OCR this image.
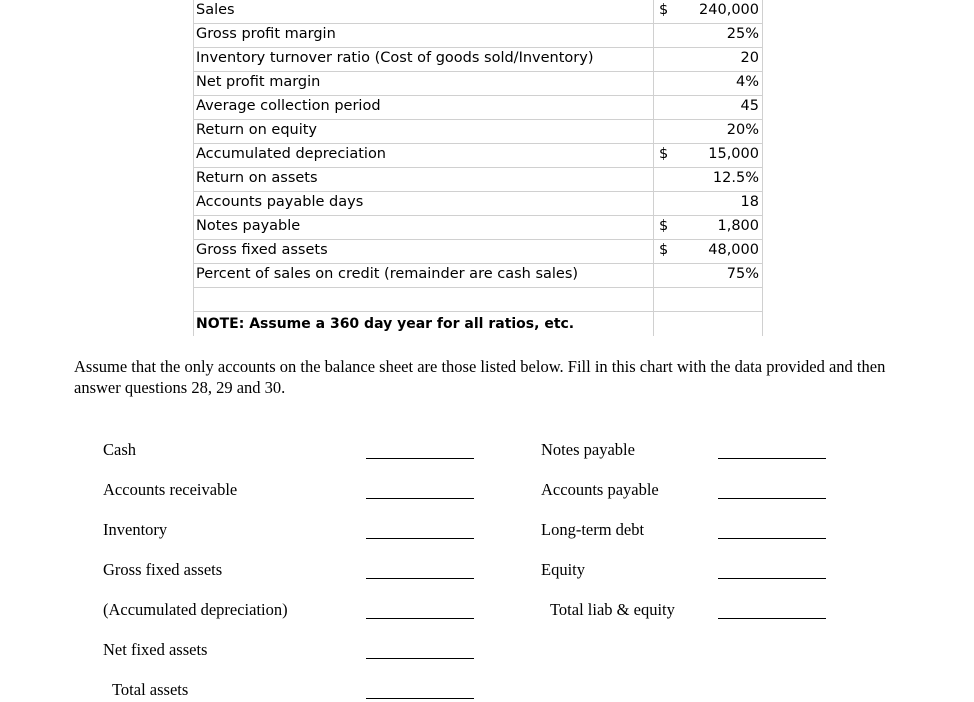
Sales	$ 240,000
Gross profit margin	25%
Inventory turnover ratio (Cost of goods sold/Inventory)	20
Net profit margin	4%
Average collection period	45
Return on equity	20%
Accumulated depreciation	$	15,000
Return on assets	12.5%
Accounts payable days	18
Notes payable	$	1,800
Gross fixed assets	$	48,000
Percent of sales on credit (remainder are cash sales)	75%
NOTE: Assume a 360 day year for all ratios, etc.
Assume that the only accounts on the balance sheet are those listed below. Fill in this chart with the data provided and then answer questions 28, 29 and 30.
Cash
Accounts receivable
Inventory
Gross fixed assets
(Accumulated depreciation)
Net fixed assets
Total assets
Notes payable
Accounts payable
Long-term debt
Equity
Total liab & equity
